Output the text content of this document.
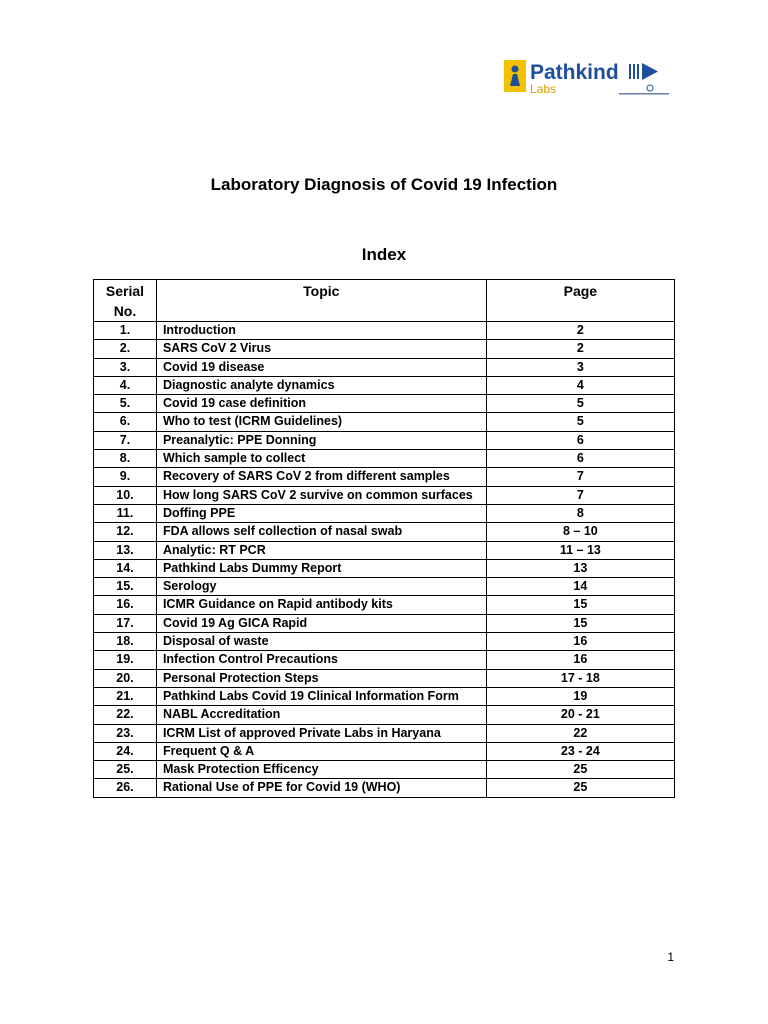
Pathkind
Labs
Laboratory Diagnosis of Covid 19 Infection
Index
Serial
No.	Topic	Page
1.	Introduction	2
2.	SARS CoV 2 Virus	2
3.	Covid 19 disease	3
4.	Diagnostic analyte dynamics	4
5.	Covid 19 case definition	5
6.	Who to test (ICRM Guidelines)	5
7.	Preanalytic: PPE Donning	6
8.	Which sample to collect	6
9.	Recovery of SARS CoV 2 from different samples	7
10.	How long SARS CoV 2 survive on common surfaces	7
11.	Doffing PPE	8
12.	FDA allows self collection of nasal swab	8 – 10
13.	Analytic: RT PCR	11 – 13
14.	Pathkind Labs Dummy Report	13
15.	Serology	14
16.	ICMR Guidance on Rapid antibody kits	15
17.	Covid 19 Ag GICA Rapid	15
18.	Disposal of waste	16
19.	Infection Control Precautions	16
20.	Personal Protection Steps	17 - 18
21.	Pathkind Labs Covid 19 Clinical Information Form	19
22.	NABL Accreditation	20 - 21
23.	ICRM List of approved Private Labs in Haryana	22
24.	Frequent Q & A	23 - 24
25.	Mask Protection Efficency	25
26.	Rational Use of PPE for Covid 19 (WHO)	25
1
